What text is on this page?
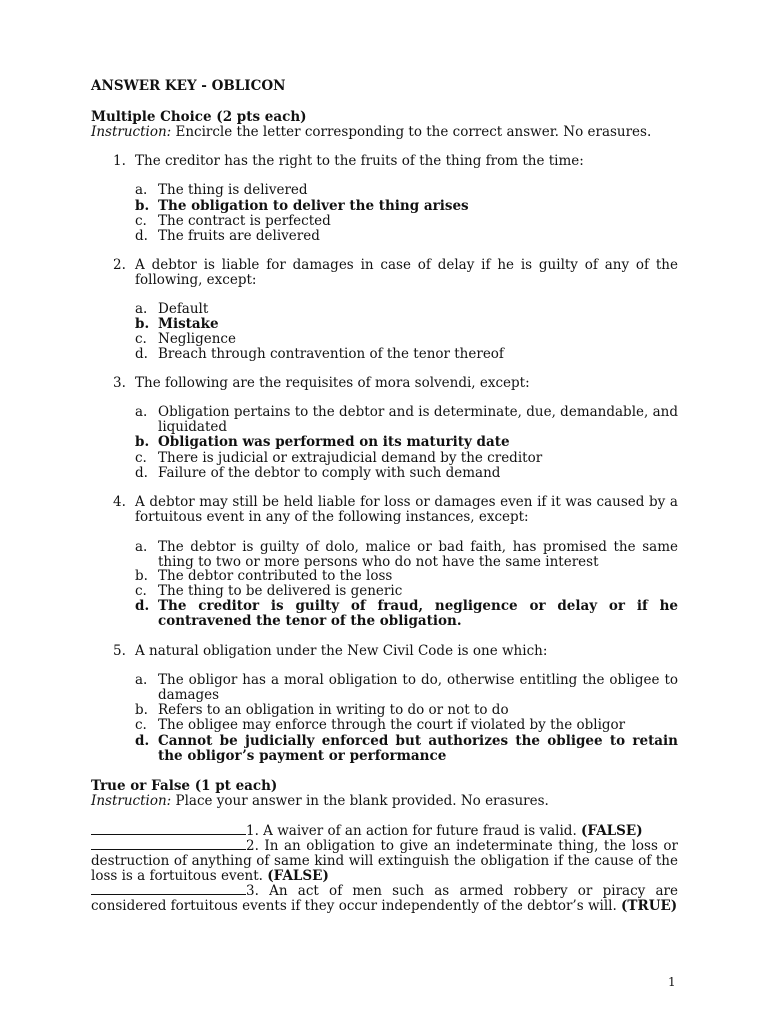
ANSWER KEY - OBLICON
Multiple Choice (2 pts each)
Instruction: Encircle the letter corresponding to the correct answer. No erasures.
1. The creditor has the right to the fruits of the thing from the time:
a. The thing is delivered
b. The obligation to deliver the thing arises
c. The contract is perfected
d. The fruits are delivered
2. A debtor is liable for damages in case of delay if he is guilty of any of the following, except:
a. Default
b. Mistake
c. Negligence
d. Breach through contravention of the tenor thereof
3. The following are the requisites of mora solvendi, except:
a. Obligation pertains to the debtor and is determinate, due, demandable, and liquidated
b. Obligation was performed on its maturity date
c. There is judicial or extrajudicial demand by the creditor
d. Failure of the debtor to comply with such demand
4. A debtor may still be held liable for loss or damages even if it was caused by a fortuitous event in any of the following instances, except:
a. The debtor is guilty of dolo, malice or bad faith, has promised the same thing to two or more persons who do not have the same interest
b. The debtor contributed to the loss
c. The thing to be delivered is generic
d. The creditor is guilty of fraud, negligence or delay or if he contravened the tenor of the obligation.
5. A natural obligation under the New Civil Code is one which:
a. The obligor has a moral obligation to do, otherwise entitling the obligee to damages
b. Refers to an obligation in writing to do or not to do
c. The obligee may enforce through the court if violated by the obligor
d. Cannot be judicially enforced but authorizes the obligee to retain the obligor’s payment or performance
True or False (1 pt each)
Instruction: Place your answer in the blank provided. No erasures.
1. A waiver of an action for future fraud is valid. (FALSE)
2. In an obligation to give an indeterminate thing, the loss or destruction of anything of same kind will extinguish the obligation if the cause of the loss is a fortuitous event. (FALSE)
3. An act of men such as armed robbery or piracy are considered fortuitous events if they occur independently of the debtor’s will. (TRUE)
1
